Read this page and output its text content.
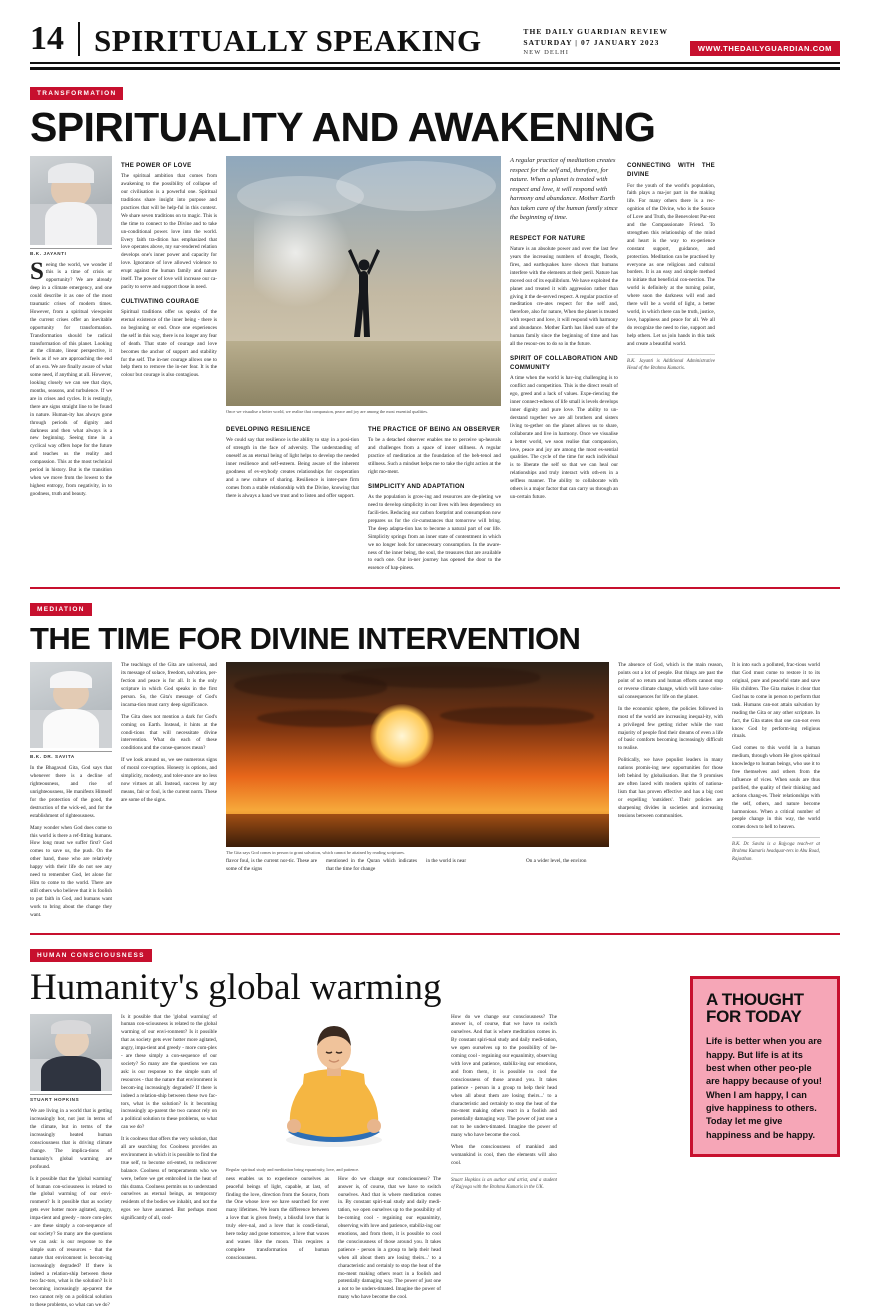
14 SPIRITUALLY SPEAKING	THE DAILY GUARDIAN REVIEW
SATURDAY | 07 JANUARY 2023
NEW DELHI	WWW.THEDAILYGUARDIAN.COM
TRANSFORMATION
SPIRITUALITY AND AWAKENING
B.K. JAYANTI

Seeing the world, we wonder if this is a time of crisis or opportunity? We are already deep in a climate emergency, and one could describe it as one of the most traumatic crises of modern times. However, from a spiritual viewpoint the current crises offer an inevitable opportunity for transformation. Transformation should be radical transformation of this planet. Looking at the climate, linear perspective, it feels as if we are approaching the end of an era. We are finally aware of what some need, if anything at all. However, looking closely we can see that days, months, seasons, and turbulence. If we are in crises and cycles. It is restingly, there are signs straight line to be found in nature. Human-ity has always gone through periods of dignity and darkness and then what always is a new beginning. Seeing time in a cyclical way offers hope for the future and teaches us the reality and compassion. This at the most technical period in history. But is the transition when we move from the lowest to the highest entropy, from negativity, in to goodness, truth and beauty.

THE POWER OF LOVE

The spiritual ambition that comes from awakening to the possibility of collapse of our civilisation is a powerful one. Spiritual traditions share insight into purpose and practices that will be help-ful in this context. We share seven traditions on to magic. This is the time to connect to the Divine and to take un-conditional power. love into the world. Every faith tra-dition has emphasized that love operates above, my sur-rendered relation develops one's inner power and capacity for love. Ignorance of love allowed violence to erupt against the human family and nature itself. The power of love will increase our ca-pacity to serve and support those in need.

CULTIVATING COURAGE

Spiritual traditions offer us speaks of the eternal existence of the inner being - there is no beginning or end. Once one experiences the self in this way, there is no longer any fear of death. That state of courage and love becomes the anchor of support and stability for the self. The in-ner courage allows one to help them to remove the in-ner fear. It is the colour but courage is also contagious.

Once we visualise a better world, we realise that compassion, peace and joy are among the most essential qualities.
DEVELOPING RESILIENCE

We could say that resilience is the ability to stay in a posi-tion of strength in the face of adversity. The understanding of oneself as an eternal being of light helps to develop the needed inner resilience and self-esteem. Being aware of the inherent goodness of ev-erybody creates relationships for cooperation and a new culture of sharing. Resilience is inter-pure firm comes from a stable relationship with the Divine, knowing that there is always a hand we trust and to listen and offer support.

THE PRACTICE OF BEING AN OBSERVER

To be a detached observer enables me to perceive up-heavals and challenges from a space of inner stillness. A regular practice of meditation at the foundation of the beh-tenol and stillness. Such a mindset helps me to take the right action at the right mo-ment.

SIMPLICITY AND ADAPTATION

As the population is grow-ing and resources are de-pleting we need to develop simplicity in our lives with less dependency on facili-ties. Reducing our carbon footprint and consumption now prepares us for the cir-cumstances that tomorrow will bring. The deep adapta-tion has to become a natural part of our life. Simplicity springs from an inner state of contentment in which we no longer look for unnecessary consumption. In the aware-ness of the inner being, the soul, the treasures that are available to each one. Our in-ner journey has opened the door to the essence of hap-piness.

A regular practice of meditation creates respect for the self and, therefore, for nature. When a planet is treated with respect and love, it will respond with harmony and abundance. Mother Earth has taken care of the human family since the beginning of time.
RESPECT FOR NATURE

Nature is an absolute power and over the last few years the increasing numbers of drought, floods, fires, and earthquakes have shown that humans interfere with the elements at their peril. Nature has moved out of its equilibrium. We have exploited the planet and treated it with aggression rather than giving it the de-served respect. A regular practice of meditation cre-ates respect for the self and, therefore, also for nature, When the planet is treated with respect and love, it will respond with harmony and abundance. Mother Earth has liked sure of the human family since the beginning of time and has all the resour-ces to do so in the future.

SPIRIT OF COLLABORATION AND COMMUNITY

A time when the world is hav-ing challenging is to conflict and competition. This is the direct result of ego, greed and a lack of values. Expe-riencing the inner connect-edness of life small is levels develops inner dignity and pure love. The ability to un-derstand together we are all brothers and sisters living to-gether on the planet allows us to share, collaborate and live in harmony. Once we visualise a better world, we soon realise that compassion, love, peace and joy are among the most es-sential qualities. The cycle of the time for each individual is to liberate the self so that we can heal our relationships and truly interact with oth-ers in a selfless manner. The ability to collaborate with others is a major factor that can carry us through an un-certain future.

CONNECTING WITH THE DIVINE

For the youth of the world's population, faith plays a ma-jor part in the making life. For many others there is a rec-ognition of the Divine, who is the Source of Love and Truth, the Benevolent Par-ent and the Compassionate Friend. To strengthen this relationship of the mind and heart is the way to ex-perience constant support, guidance, and protection. Meditation can be practised by everyone as one religious and cultural borders. It is an easy and simple method to initiate that beneficial con-nection. The world is definitely at the turning point, where soon the darkness will end and there will be a world of light, a better world, in which there can be truth, justice, love, happiness and peace for all. We all do recognize the need to rise, support and help others. Let us join hands in this task and create a beautiful world.

B.K. Jayanti is Additional Administrative Head of the Brahma Kumaris.
MEDIATION
THE TIME FOR DIVINE INTERVENTION
B.K. DR. SAVITA

In the Bhagavad Gita, God says that whenever there is a decline of righteousness, and rise of unrighteousness, He manifests Himself for the protection of the good, the destruction of the wick-ed, and for the establishment of righteousness.

Many wonder when God does come to this world is there a ref-fitting humans. How long must we suffer first? God comes to save us, the push. On the other hand, those who are relatively happy with their life do not see any need to remember God, let alone for Him to come to the world. There are still others who believe that it is foolish to put faith in God, and humans want work to bring about the change they want.

The teachings of the Gita are universal, and its message of solace, freedom, salvation, per-fection and peace is for all. It is the only scripture in which God speaks in the first person. So, the Gita's message of God's incarna-tion must carry deep significance.

The Gita does not mention a dark for God's coming on Earth. Instead, it hints at the condi-tions that will necessitate divine intervention. What do each of these conditions and the conse-quences mean?

If we look around us, we see numerous signs of moral cor-ruption. Honesty is options, and simplicity, modesty, and toler-ance are no less now virtues at all. Instead, success by any means, fair or foul, is the current norm. These are some of the signs.

The Gita says God comes in person to grant salvation, which cannot be attained by reading scriptures.
flavor foul, is the current nor-tic. These are some of the signs
mentioned in the Quran which indicates that the time for change
in the world is near	On a wider level, the environ

The absence of God, which is the main reason, points out a lot of people. But things are past the point of no return and human efforts cannot stop or reverse climate change, which will have colos-sal consequences for life on the planet.

In the economic sphere, the policies followed in most of the world are increasing inequal-ity, with a privileged few getting richer while the vast majority of people find their dreams of even a life of basic comforts becoming increasingly difficult to realise.

Politically, we have populist leaders in many nations promis-ing new opportunities for those left behind by globalisation. But the 9 promises are often laced with modern spirits of nationa-lism that has proven effective and has a big cost or expelling 'outsiders'. Their policies are sharpening divides in societies and increasing tensions between communities.

It is into such a polluted, frac-tious world that God must come to restore it to its original, pure and peaceful state and save His children. The Gita makes it clear that God has to come in person to perform that task. Humans can-not attain salvation by reading the Gita or any other scripture. In fact, the Gita states that one can-not even know God by perform-ing religious rituals.

God comes to this world in a human medium, through whom He gives spiritual knowledge to human beings, who use it to free themselves and others from the influence of vices. When souls are thus purified, the quality of their thinking and actions chang-es. Their relationships with the self, others, and nature become harmonious. When a critical number of people change in this way, the world comes down to hell to heaven.

B.K. Dr. Savita is a Rajyoga teach-er at Brahma Kumaris headquar-ters in Abu Road, Rajasthan.
HUMAN CONSCIOUSNESS
Humanity's global warming
STUART HOPKINS

We are living in a world that is getting increasingly hot, not just in terms of the climate, but in terms of the increasingly heated human consciousness that is driving climate change. The implica-tions of humanity's global warming are profound.

Is it possible that the 'global warming' of human con-sciousness is related to the global warming of our envi-ronment? Is it possible that as society gets ever hotter more agitated, angry, impa-tient and greedy - more com-plex - are these simply a con-sequence of our society? So many are the questions we can ask: is our response to the simple sum of resources - that the nature that environment is becom-ing increasingly degraded? If there is indeed a relation-ship between these two fac-tors, what is the solution? Is it becoming increasingly ap-parent the two cannot rely on a political solution to these problems, so what can we do?

Is it possible that the 'global warming' of human con-sciousness is related to the global warming of our envi-ronment? Is it possible that as society gets ever hotter more agitated, angry, impa-tient and greedy - more com-plex - are these simply a con-sequence of our society? So many are the questions we can ask: is our response to the simple sum of resources - that the nature that environment is becom-ing increasingly degraded? If there is indeed a relation-ship between these two fac-tors, what is the solution? Is it becoming increasingly ap-parent the two cannot rely on a political solution to these problems, so what can we do?

It is coolness that offers the very solution, that all are searching for. Coolness provides an environment in which it is possible to find the true self, to become ori-ented, to rediscover balance. Coolness of temperaments who we were, before we get embroiled in the heat of this drama. Coolness permits us to understand ourselves as eternal beings, as temporary residents of the bodies we inhabit, and not the egos we have assumed. But perhaps most significantly of all, cool-

Regular spiritual study and meditation bring equanimity, love, and patience.

ness enables us to experience ourselves as peaceful beings of light, capable, at last, of finding the love, direction from the Source, from the One whose love we have searched for over many lifetimes. We learn the difference between a love that is given freely, a blissful love that is truly elev-nal, and a love that is condi-tional, here today and gone tomorrow, a love that waxes and wanes like the moon. This requires a complete transformation of human consciousness.

How do we change our consciousness? The answer is, of course, that we have to switch ourselves. And that is where meditation comes in. By constant spiri-tual study and daily medi-tation, we open ourselves up to the possibility of be-coming cool - regaining our equanimity, observing with love and patience, stabiliz-ing our emotions, and from them, it is possible to cool the consciousness of those around you. It takes patience - person in a group to help their head when all about them are losing theirs...' to a characteristic and certainly to stop the heat of the mo-ment making others react in a foolish and potentially damaging way. The power of just one a not to be unders-timated. Imagine the power of many who have become the cool.

How do we change our consciousness? The answer is, of course, that we have to switch ourselves. And that is where meditation comes in. By constant spiri-tual study and daily medi-tation, we open ourselves up to the possibility of be-coming cool - regaining our equanimity, observing with love and patience, stabiliz-ing our emotions, and from them, it is possible to cool the consciousness of those around you. It takes patience - person in a group to help their head when all about them are losing theirs...' to a characteristic and certainly to stop the heat of the mo-ment making others react in a foolish and potentially damaging way. The power of just one a not to be unders-timated. Imagine the power of many who have become the cool.

When the consciousness of mankind and womankind is cool, then the elements will also cool.

Stuart Hopkins is an author and artist, and a student of Rajyoga with the Brahma Kumaris in the UK.
A THOUGHT FOR TODAY
Life is better when you are happy. But life is at its best when other peo-ple are happy because of you! When I am happy, I can give happiness to others. Today let me give happiness and be happy.
